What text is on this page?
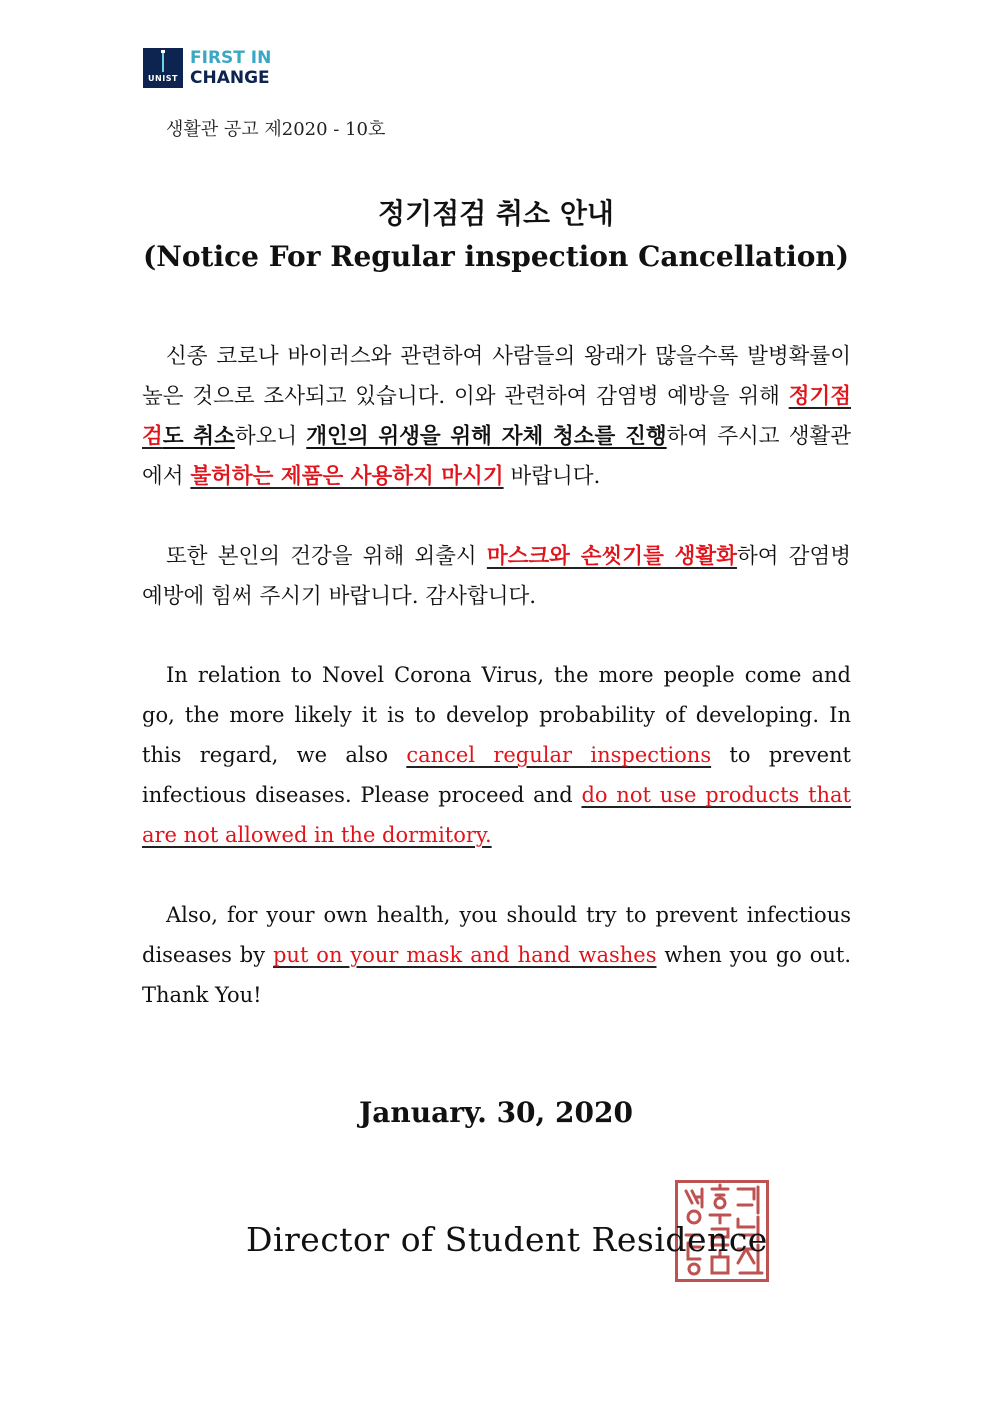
UNIST
FIRST IN
CHANGE
생활관 공고 제2020 - 10호
정기점검 취소 안내
(Notice For Regular inspection Cancellation)

신종 코로나 바이러스와 관련하여 사람들의 왕래가 많을수록 발병확률이 높은 것으로 조사되고 있습니다. 이와 관련하여 감염병 예방을 위해 정기점검도 취소하오니 개인의 위생을 위해 자체 청소를 진행하여 주시고 생활관에서 불허하는 제품은 사용하지 마시기 바랍니다.

또한 본인의 건강을 위해 외출시 마스크와 손씻기를 생활화하여 감염병 예방에 힘써 주시기 바랍니다. 감사합니다.

In relation to Novel Corona Virus, the more people come and go, the more likely it is to develop probability of developing. In this regard, we also cancel regular inspections to prevent infectious diseases. Please proceed and do not use products that are not allowed in the dormitory.

Also, for your own health, you should try to prevent infectious diseases by put on your mask and hand washes when you go out. Thank You!

January. 30, 2020
Director of Student Residence
